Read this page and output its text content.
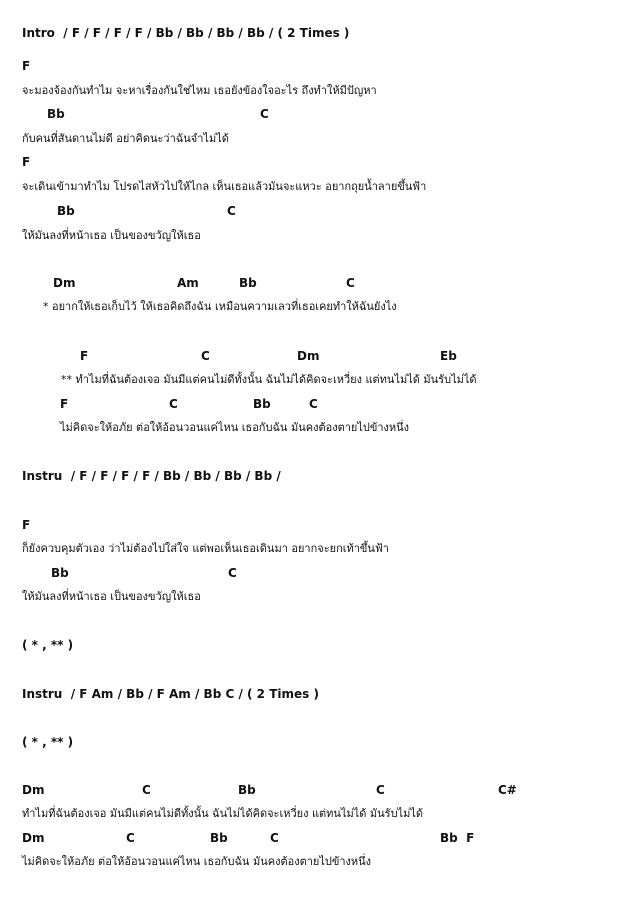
Intro  / F / F / F / F / Bb / Bb / Bb / Bb / ( 2 Times )
F
จะมองจ้องกันทำไม จะหาเรื่องกันใช่ไหม เธอยังข้องใจอะไร ถึงทำให้มีปัญหา

Bb

	C

กับคนที่สันดานไม่ดี อย่าคิดนะว่าฉันจำไม่ได้
F
จะเดินเข้ามาทำไม โปรดไสหัวไปให้ไกล เห็นเธอแล้วมันจะแหวะ อยากถุยน้ำลายขึ้นฟ้า

Bb

	C

ให้มันลงที่หน้าเธอ เป็นของขวัญให้เธอ

Dm

	Am

	Bb

	C

* อยากให้เธอเก็บไว้ ให้เธอคิดถึงฉัน เหมือนความเลวที่เธอเคยทำให้ฉันยังไง

F

	C

	Dm

	Eb

** ทำไมที่ฉันต้องเจอ มันมีแต่คนไม่ดีทั้งนั้น ฉันไม่ได้คิดจะเหวี่ยง แต่ทนไม่ได้ มันรับไม่ได้

F

	C

	Bb

	C

ไม่คิดจะให้อภัย ต่อให้อ้อนวอนแค่ไหน เธอกับฉัน มันคงต้องตายไปข้างหนึ่ง
Instru  / F / F / F / F / Bb / Bb / Bb / Bb /
F
ก็ยังควบคุมตัวเอง ว่าไม่ต้องไปใส่ใจ แต่พอเห็นเธอเดินมา อยากจะยกเท้าขึ้นฟ้า

Bb

	C

ให้มันลงที่หน้าเธอ เป็นของขวัญให้เธอ
( * , ** )
Instru  / F Am / Bb / F Am / Bb C / ( 2 Times )
( * , ** )

Dm

	C

	Bb

	C

	C#

ทำไมที่ฉันต้องเจอ มันมีแต่คนไม่ดีทั้งนั้น ฉันไม่ได้คิดจะเหวี่ยง แต่ทนไม่ได้ มันรับไม่ได้

Dm

	C

	Bb

	C

	Bb  F

ไม่คิดจะให้อภัย ต่อให้อ้อนวอนแค่ไหน เธอกับฉัน มันคงต้องตายไปข้างหนึ่ง
